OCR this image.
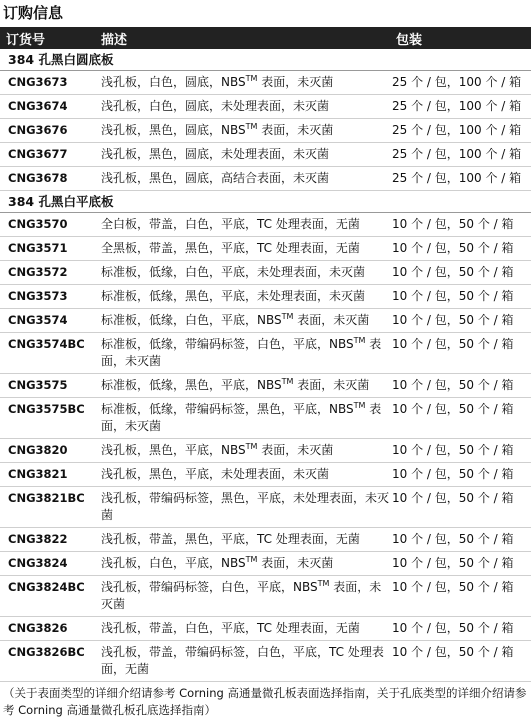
订购信息
订货号	描述	包装
384 孔黑白圆底板		
CNG3673	浅孔板，白色，圆底，NBS™ 表面，未灭菌	25 个 / 包，100 个 / 箱
CNG3674	浅孔板，白色，圆底，未处理表面，未灭菌	25 个 / 包，100 个 / 箱
CNG3676	浅孔板，黑色，圆底，NBS™ 表面，未灭菌	25 个 / 包，100 个 / 箱
CNG3677	浅孔板，黑色，圆底，未处理表面，未灭菌	25 个 / 包，100 个 / 箱
CNG3678	浅孔板，黑色，圆底，高结合表面，未灭菌	25 个 / 包，100 个 / 箱
384 孔黑白平底板		
CNG3570	全白板，带盖，白色，平底，TC 处理表面，无菌	10 个 / 包，50 个 / 箱
CNG3571	全黑板，带盖，黑色，平底，TC 处理表面，无菌	10 个 / 包，50 个 / 箱
CNG3572	标准板，低缘，白色，平底，未处理表面，未灭菌	10 个 / 包，50 个 / 箱
CNG3573	标准板，低缘，黑色，平底，未处理表面，未灭菌	10 个 / 包，50 个 / 箱
CNG3574	标准板，低缘，白色，平底，NBS™ 表面，未灭菌	10 个 / 包，50 个 / 箱
CNG3574BC	标准板，低缘，带编码标签，白色，平底，NBS™ 表面，未灭菌	10 个 / 包，50 个 / 箱
CNG3575	标准板，低缘，黑色，平底，NBS™ 表面，未灭菌	10 个 / 包，50 个 / 箱
CNG3575BC	标准板，低缘，带编码标签，黑色，平底，NBS™ 表面，未灭菌	10 个 / 包，50 个 / 箱
CNG3820	浅孔板，黑色，平底，NBS™ 表面，未灭菌	10 个 / 包，50 个 / 箱
CNG3821	浅孔板，黑色，平底，未处理表面，未灭菌	10 个 / 包，50 个 / 箱
CNG3821BC	浅孔板，带编码标签，黑色，平底，未处理表面，未灭菌	10 个 / 包，50 个 / 箱
CNG3822	浅孔板，带盖，黑色，平底，TC 处理表面，无菌	10 个 / 包，50 个 / 箱
CNG3824	浅孔板，白色，平底，NBS™ 表面，未灭菌	10 个 / 包，50 个 / 箱
CNG3824BC	浅孔板，带编码标签，白色，平底，NBS™ 表面，未灭菌	10 个 / 包，50 个 / 箱
CNG3826	浅孔板，带盖，白色，平底，TC 处理表面，无菌	10 个 / 包，50 个 / 箱
CNG3826BC	浅孔板，带盖，带编码标签，白色，平底，TC 处理表面，无菌	10 个 / 包，50 个 / 箱
（关于表面类型的详细介绍请参考 Corning 高通量微孔板表面选择指南，关于孔底类型的详细介绍请参考 Corning 高通量微孔板孔底选择指南）
